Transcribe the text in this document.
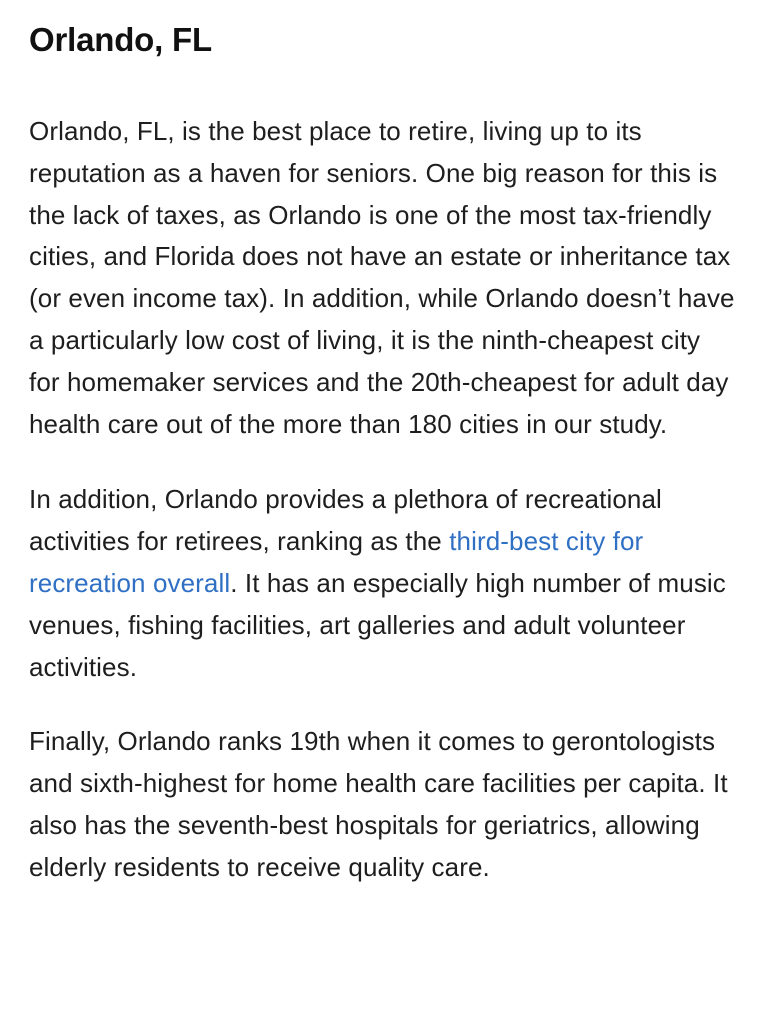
Orlando, FL

Orlando, FL, is the best place to retire, living up to its reputation as a haven for seniors. One big reason for this is the lack of taxes, as Orlando is one of the most tax-friendly cities, and Florida does not have an estate or inheritance tax (or even income tax). In addition, while Orlando doesn’t have a particularly low cost of living, it is the ninth-cheapest city for homemaker services and the 20th-cheapest for adult day health care out of the more than 180 cities in our study.

In addition, Orlando provides a plethora of recreational activities for retirees, ranking as the third-best city for recreation overall. It has an especially high number of music venues, fishing facilities, art galleries and adult volunteer activities.

Finally, Orlando ranks 19th when it comes to gerontologists and sixth-highest for home health care facilities per capita. It also has the seventh-best hospitals for geriatrics, allowing elderly residents to receive quality care.
